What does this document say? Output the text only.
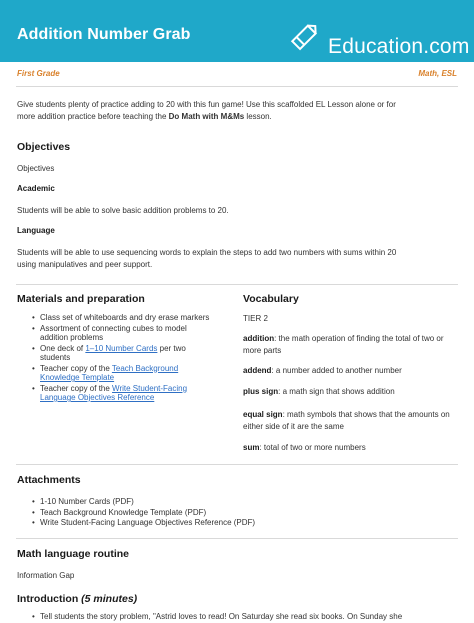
Addition Number Grab
Education.com
First Grade	Math, ESL
Give students plenty of practice adding to 20 with this fun game! Use this scaffolded EL Lesson alone or for
more addition practice before teaching the Do Math with M&Ms lesson.
Objectives
Objectives
Academic
Students will be able to solve basic addition problems to 20.
Language
Students will be able to use sequencing words to explain the steps to add two numbers with sums within 20
using manipulatives and peer support.
Materials and preparation
• Class set of whiteboards and dry erase markers
• Assortment of connecting cubes to model addition problems
• One deck of 1–10 Number Cards per two students
• Teacher copy of the Teach Background Knowledge Template
• Teacher copy of the Write Student-Facing Language Objectives Reference
Vocabulary
TIER 2
addition: the math operation of finding the total of two or more parts
addend: a number added to another number
plus sign: a math sign that shows addition
equal sign: math symbols that shows that the amounts on either side of it are the same
sum: total of two or more numbers
Attachments
• 1-10 Number Cards (PDF)
• Teach Background Knowledge Template (PDF)
• Write Student-Facing Language Objectives Reference (PDF)
Math language routine
Information Gap
Introduction (5 minutes)
• Tell students the story problem, "Astrid loves to read! On Saturday she read six books. On Sunday she
